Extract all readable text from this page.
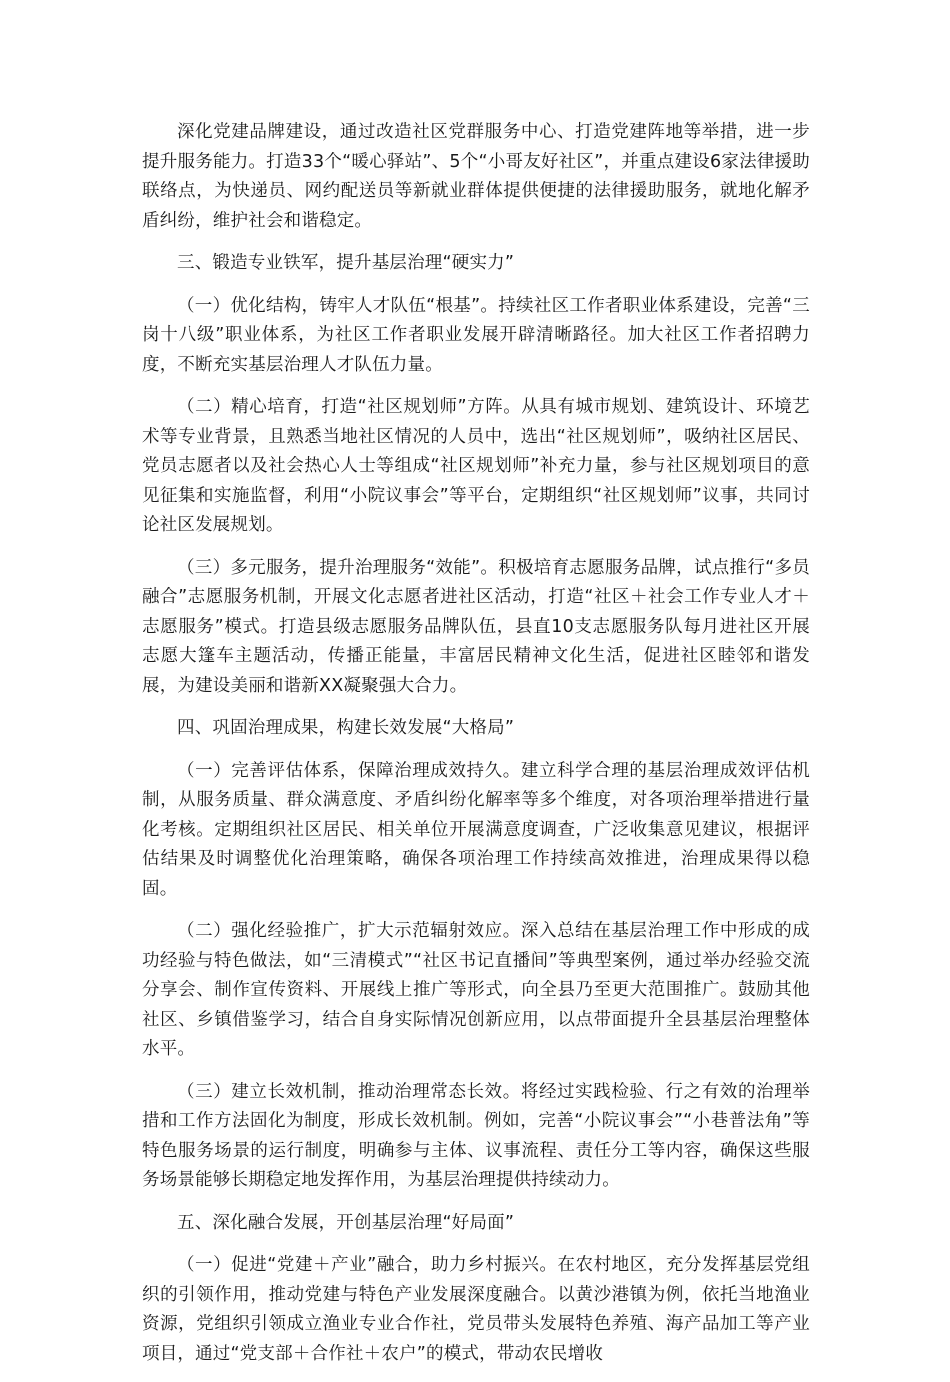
深化党建品牌建设，通过改造社区党群服务中心、打造党建阵地等举措，进一步提升服务能力。打造33个“暖心驿站”、5个“小哥友好社区”，并重点建设6家法律援助联络点，为快递员、网约配送员等新就业群体提供便捷的法律援助服务，就地化解矛盾纠纷，维护社会和谐稳定。

三、锻造专业铁军，提升基层治理“硬实力”

（一）优化结构，铸牢人才队伍“根基”。持续社区工作者职业体系建设，完善“三岗十八级”职业体系，为社区工作者职业发展开辟清晰路径。加大社区工作者招聘力度，不断充实基层治理人才队伍力量。

（二）精心培育，打造“社区规划师”方阵。从具有城市规划、建筑设计、环境艺术等专业背景，且熟悉当地社区情况的人员中，选出“社区规划师”，吸纳社区居民、党员志愿者以及社会热心人士等组成“社区规划师”补充力量，参与社区规划项目的意见征集和实施监督，利用“小院议事会”等平台，定期组织“社区规划师”议事，共同讨论社区发展规划。

（三）多元服务，提升治理服务“效能”。积极培育志愿服务品牌，试点推行“多员融合”志愿服务机制，开展文化志愿者进社区活动，打造“社区＋社会工作专业人才＋志愿服务”模式。打造县级志愿服务品牌队伍，县直10支志愿服务队每月进社区开展志愿大篷车主题活动，传播正能量，丰富居民精神文化生活，促进社区睦邻和谐发展，为建设美丽和谐新XX凝聚强大合力。

四、巩固治理成果，构建长效发展“大格局”

（一）完善评估体系，保障治理成效持久。建立科学合理的基层治理成效评估机制，从服务质量、群众满意度、矛盾纠纷化解率等多个维度，对各项治理举措进行量化考核。定期组织社区居民、相关单位开展满意度调查，广泛收集意见建议，根据评估结果及时调整优化治理策略，确保各项治理工作持续高效推进，治理成果得以稳固。

（二）强化经验推广，扩大示范辐射效应。深入总结在基层治理工作中形成的成功经验与特色做法，如“三清模式”“社区书记直播间”等典型案例，通过举办经验交流分享会、制作宣传资料、开展线上推广等形式，向全县乃至更大范围推广。鼓励其他社区、乡镇借鉴学习，结合自身实际情况创新应用，以点带面提升全县基层治理整体水平。

（三）建立长效机制，推动治理常态长效。将经过实践检验、行之有效的治理举措和工作方法固化为制度，形成长效机制。例如，完善“小院议事会”“小巷普法角”等特色服务场景的运行制度，明确参与主体、议事流程、责任分工等内容，确保这些服务场景能够长期稳定地发挥作用，为基层治理提供持续动力。

五、深化融合发展，开创基层治理“好局面”

（一）促进“党建＋产业”融合，助力乡村振兴。在农村地区，充分发挥基层党组织的引领作用，推动党建与特色产业发展深度融合。以黄沙港镇为例，依托当地渔业资源，党组织引领成立渔业专业合作社，党员带头发展特色养殖、海产品加工等产业项目，通过“党支部＋合作社＋农户”的模式，带动农民增收
